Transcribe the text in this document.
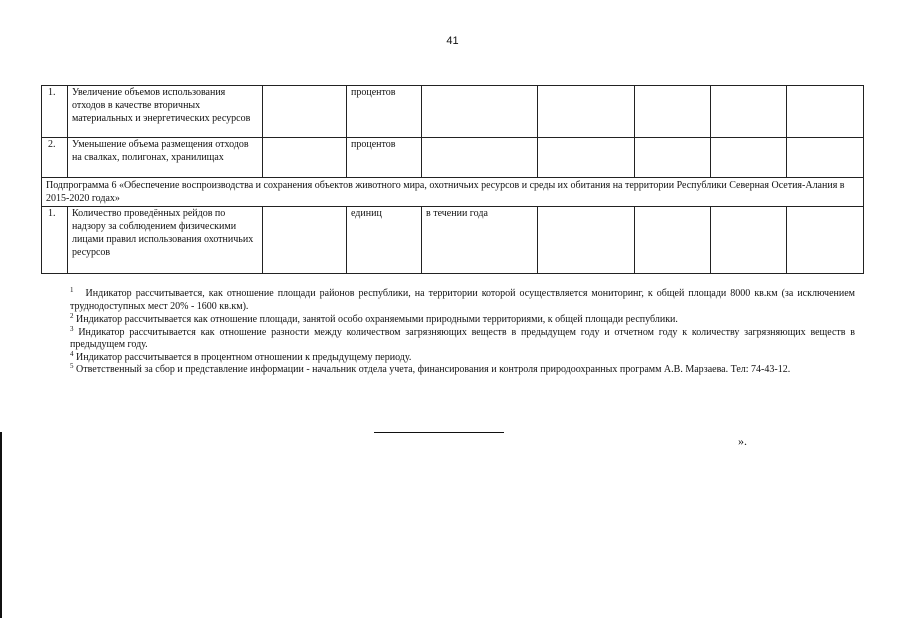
41
1.	Увеличение объемов использования отходов в качестве вторичных материальных и энергетических ресурсов		процентов					
2.	Уменьшение объема размещения отходов на свалках, полигонах, хранилищах		процентов					
Подпрограмма 6 «Обеспечение воспроизводства и сохранения объектов животного мира, охотничьих ресурсов и среды их обитания на территории Республики Северная Осетия-Алания в 2015-2020 годах»								
1.	Количество проведённых рейдов по надзору за соблюдением физическими лицами правил использования охотничьих ресурсов		единиц	в течении года				

$^1$ Индикатор рассчитывается, как отношение площади районов республики, на территории которой осуществляется мониторинг, к общей площади 8000 кв.км (за исключением труднодоступных мест 20% - 1600 кв.км).

$^2$ Индикатор рассчитывается как отношение площади, занятой особо охраняемыми природными территориями, к общей площади республики.

$^3$ Индикатор рассчитывается как отношение разности между количеством загрязняющих веществ в предыдущем году и отчетном году к количеству загрязняющих веществ в предыдущем году.

$^4$ Индикатор рассчитывается в процентном отношении к предыдущему периоду.

$^5$ Ответственный за сбор и представление информации - начальник отдела учета, финансирования и контроля природоохранных программ А.В. Марзаева. Тел: 74-43-12.

».
